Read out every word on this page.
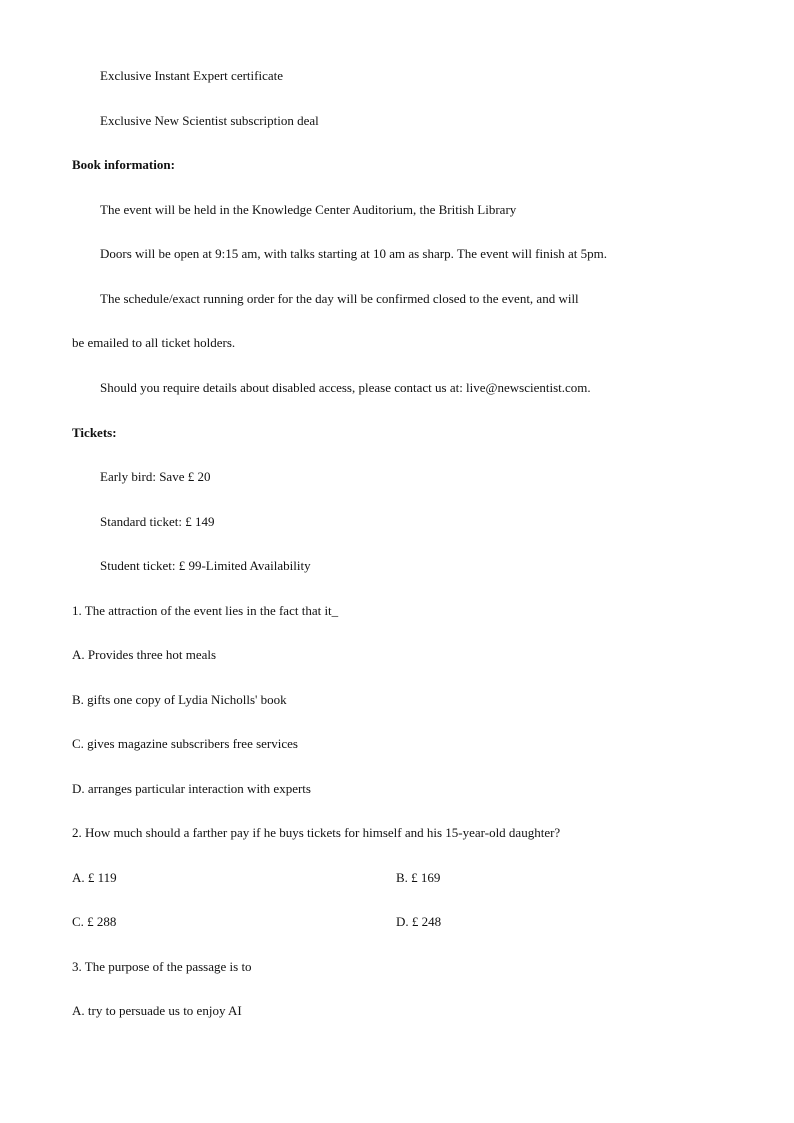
Exclusive Instant Expert certificate
Exclusive New Scientist subscription deal
Book information:
The event will be held in the Knowledge Center Auditorium, the British Library
Doors will be open at 9:15 am, with talks starting at 10 am as sharp. The event will finish at 5pm.
The schedule/exact running order for the day will be confirmed closed to the event, and will
be emailed to all ticket holders.
Should you require details about disabled access, please contact us at: live@newscientist.com.
Tickets:
Early bird: Save £ 20
Standard ticket: £ 149
Student ticket: £ 99-Limited Availability
1. The attraction of the event lies in the fact that it_
A. Provides three hot meals
B. gifts one copy of Lydia Nicholls' book
C. gives magazine subscribers free services
D. arranges particular interaction with experts
2. How much should a farther pay if he buys tickets for himself and his 15-year-old daughter?
A. £ 119	B. £ 169
C. £ 288	D. £ 248
3. The purpose of the passage is to
A. try to persuade us to enjoy AI
